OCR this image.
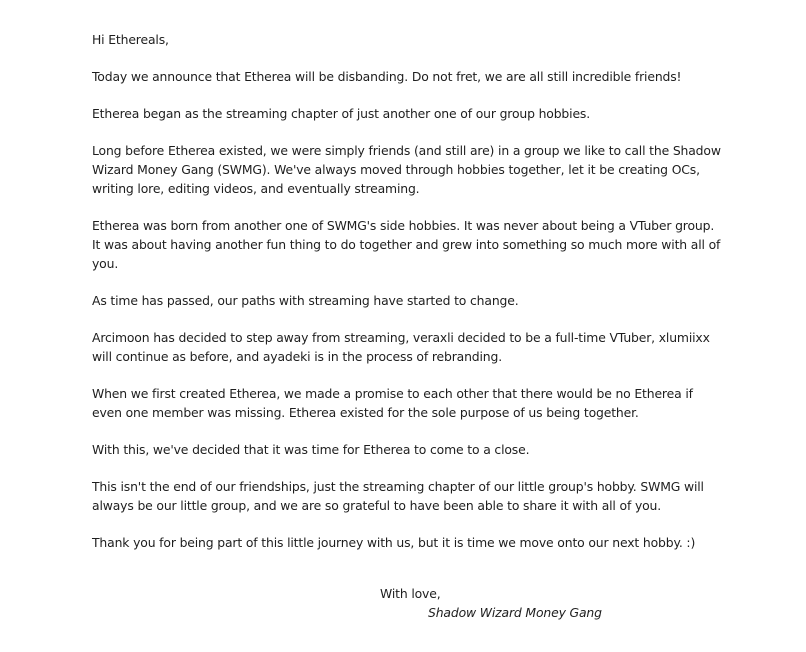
Hi Ethereals,

Today we announce that Etherea will be disbanding. Do not fret, we are all still incredible friends!

Etherea began as the streaming chapter of just another one of our group hobbies.

Long before Etherea existed, we were simply friends (and still are) in a group we like to call the Shadow Wizard Money Gang (SWMG). We've always moved through hobbies together, let it be creating OCs, writing lore, editing videos, and eventually streaming.

Etherea was born from another one of SWMG's side hobbies. It was never about being a VTuber group. It was about having another fun thing to do together and grew into something so much more with all of you.

As time has passed, our paths with streaming have started to change.

Arcimoon has decided to step away from streaming, veraxli decided to be a full-time VTuber, xlumiixx will continue as before, and ayadeki is in the process of rebranding.

When we first created Etherea, we made a promise to each other that there would be no Etherea if even one member was missing. Etherea existed for the sole purpose of us being together.

With this, we've decided that it was time for Etherea to come to a close.

This isn't the end of our friendships, just the streaming chapter of our little group's hobby. SWMG will always be our little group, and we are so grateful to have been able to share it with all of you.

Thank you for being part of this little journey with us, but it is time we move onto our next hobby. :)

With love,
Shadow Wizard Money Gang
